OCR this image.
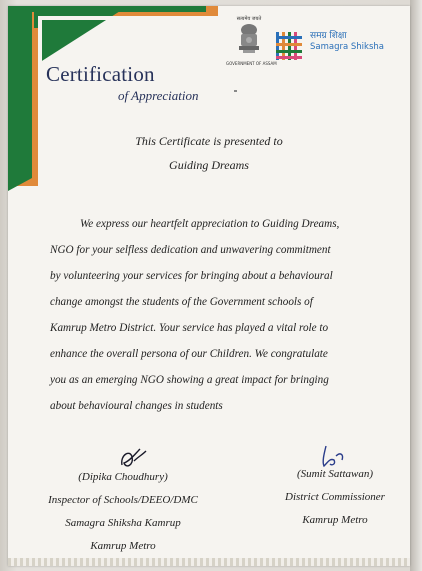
Certification
of Appreciation
सत्यमेव जयते
GOVERNMENT OF ASSAM
समग्र शिक्षा
Samagra Shiksha
This Certificate is presented to
Guiding Dreams
We express our heartfelt appreciation to Guiding Dreams,
NGO for your selfless dedication and unwavering commitment
by volunteering your services for bringing about a behavioural
change amongst the students of the Government schools of
Kamrup Metro District. Your service has played a vital role to
enhance the overall persona of our Children. We congratulate
you as an emerging NGO showing a great impact for bringing
about behavioural changes in students
(Dipika Choudhury)
Inspector of Schools/DEEO/DMC
Samagra Shiksha Kamrup
Kamrup Metro
(Sumit Sattawan)
District Commissioner
Kamrup Metro
